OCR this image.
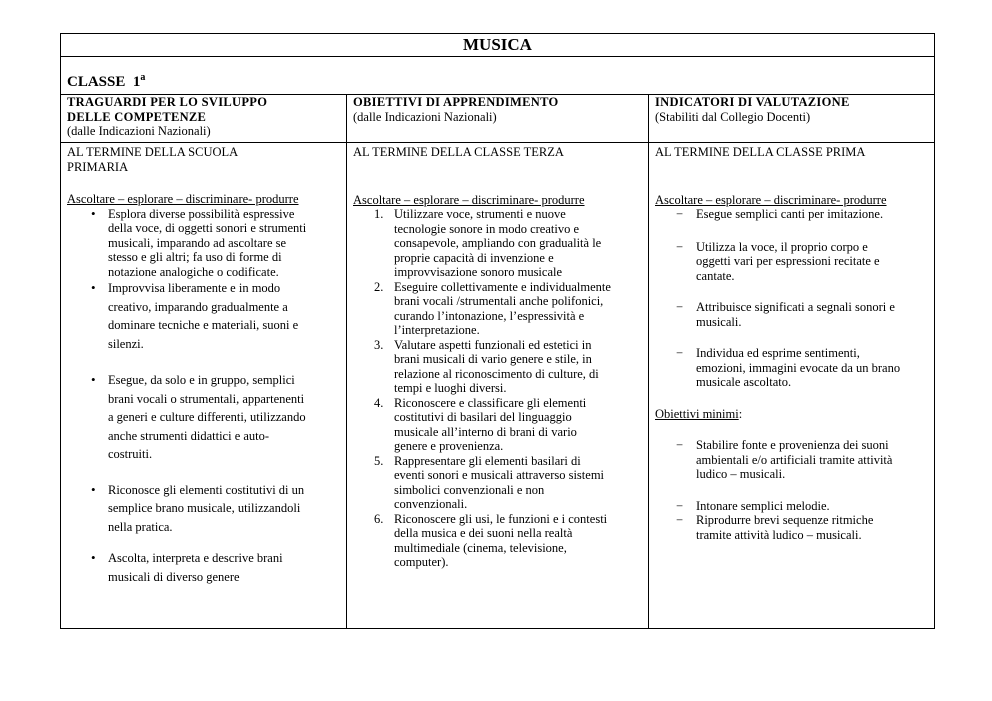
MUSICA
CLASSE 1$^a$
TRAGUARDI PER LO SVILUPPO
DELLE COMPETENZE
(dalle Indicazioni Nazionali)
AL TERMINE DELLA SCUOLA
PRIMARIA
Ascoltare – esplorare – discriminare- produrre
• Esplora diverse possibilità espressive
della voce, di oggetti sonori e strumenti
musicali, imparando ad ascoltare se
stesso e gli altri; fa uso di forme di
notazione analogiche o codificate.
• Improvvisa liberamente e in modo
creativo, imparando gradualmente a
dominare tecniche e materiali, suoni e
silenzi.
• Esegue, da solo e in gruppo, semplici
brani vocali o strumentali, appartenenti
a generi e culture differenti, utilizzando
anche strumenti didattici e auto-
costruiti.
• Riconosce gli elementi costitutivi di un
semplice brano musicale, utilizzandoli
nella pratica.
• Ascolta, interpreta e descrive brani
musicali di diverso genere
OBIETTIVI DI APPRENDIMENTO
(dalle Indicazioni Nazionali)
AL TERMINE DELLA CLASSE TERZA
Ascoltare – esplorare – discriminare- produrre
1. Utilizzare voce, strumenti e nuove
tecnologie sonore in modo creativo e
consapevole, ampliando con gradualità le
proprie capacità di invenzione e
improvvisazione sonoro musicale
2. Eseguire collettivamente e individualmente
brani vocali /strumentali anche polifonici,
curando l’intonazione, l’espressività e
l’interpretazione.
3. Valutare aspetti funzionali ed estetici in
brani musicali di vario genere e stile, in
relazione al riconoscimento di culture, di
tempi e luoghi diversi.
4. Riconoscere e classificare gli elementi
costitutivi di basilari del linguaggio
musicale all’interno di brani di vario
genere e provenienza.
5. Rappresentare gli elementi basilari di
eventi sonori e musicali attraverso sistemi
simbolici convenzionali e non
convenzionali.
6. Riconoscere gli usi, le funzioni e i contesti
della musica e dei suoni nella realtà
multimediale (cinema, televisione,
computer).
INDICATORI DI VALUTAZIONE
(Stabiliti dal Collegio Docenti)
AL TERMINE DELLA CLASSE PRIMA
Ascoltare – esplorare – discriminare- produrre
− Esegue semplici canti per imitazione.
− Utilizza la voce, il proprio corpo e
oggetti vari per espressioni recitate e
cantate.
− Attribuisce significati a segnali sonori e
musicali.
− Individua ed esprime sentimenti,
emozioni, immagini evocate da un brano
musicale ascoltato.
Obiettivi minimi:
− Stabilire fonte e provenienza dei suoni
ambientali e/o artificiali tramite attività
ludico – musicali.
− Intonare semplici melodie.
− Riprodurre brevi sequenze ritmiche
tramite attività ludico – musicali.
